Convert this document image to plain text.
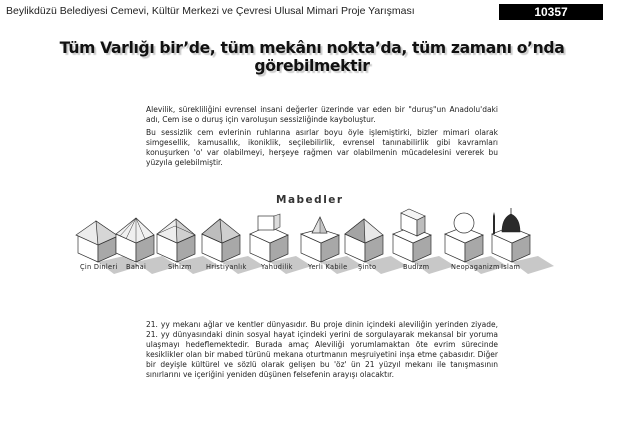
Beylikdüzü Belediyesi Cemevi, Kültür Merkezi ve Çevresi Ulusal Mimari Proje Yarışması	10357
Tüm Varlığı bir’de, tüm mekânı nokta’da, tüm zamanı o’nda görebilmektir

Alevilik, sürekliliğini evrensel insani değerler üzerinde var eden bir "duruş"un Anadolu'daki adı, Cem ise o duruş için varoluşun sessizliğinde kayboluştur.

Bu sessizlik cem evlerinin ruhlarına asırlar boyu öyle işlemiştirki, bizler mimari olarak simgesellik, kamusallık, ikoniklik, seçilebilirlik, evrensel tanınabilirlik gibi kavramları konuşurken 'o' var olabilmeyi, herşeye rağmen var olabilmenin mücadelesini vererek bu yüzyıla gelebilmiştir.

Mabedler
Çin Dinleri Bahai	Sihizm Hristiyanlık Yahudilik Yerli Kabile Şinto	Budizm	Neopaganizm Islam

21. yy mekanı ağlar ve kentler dünyasıdır. Bu proje dinin içindeki aleviliğin yerinden ziyade, 21. yy dünyasındaki dinin sosyal hayat içindeki yerini de sorgulayarak mekansal bir yoruma ulaşmayı hedeflemektedir. Burada amaç Aleviliği yorumlamaktan öte evrim sürecinde kesiklikler olan bir mabed türünü mekana oturtmanın meşruiyetini inşa etme çabasıdır. Diğer bir deyişle kültürel ve sözlü olarak gelişen bu 'öz' ün 21 yüzyıl mekanı ile tanışmasının sınırlarını ve içeriğini yeniden düşünen felsefenin arayışı olacaktır.
